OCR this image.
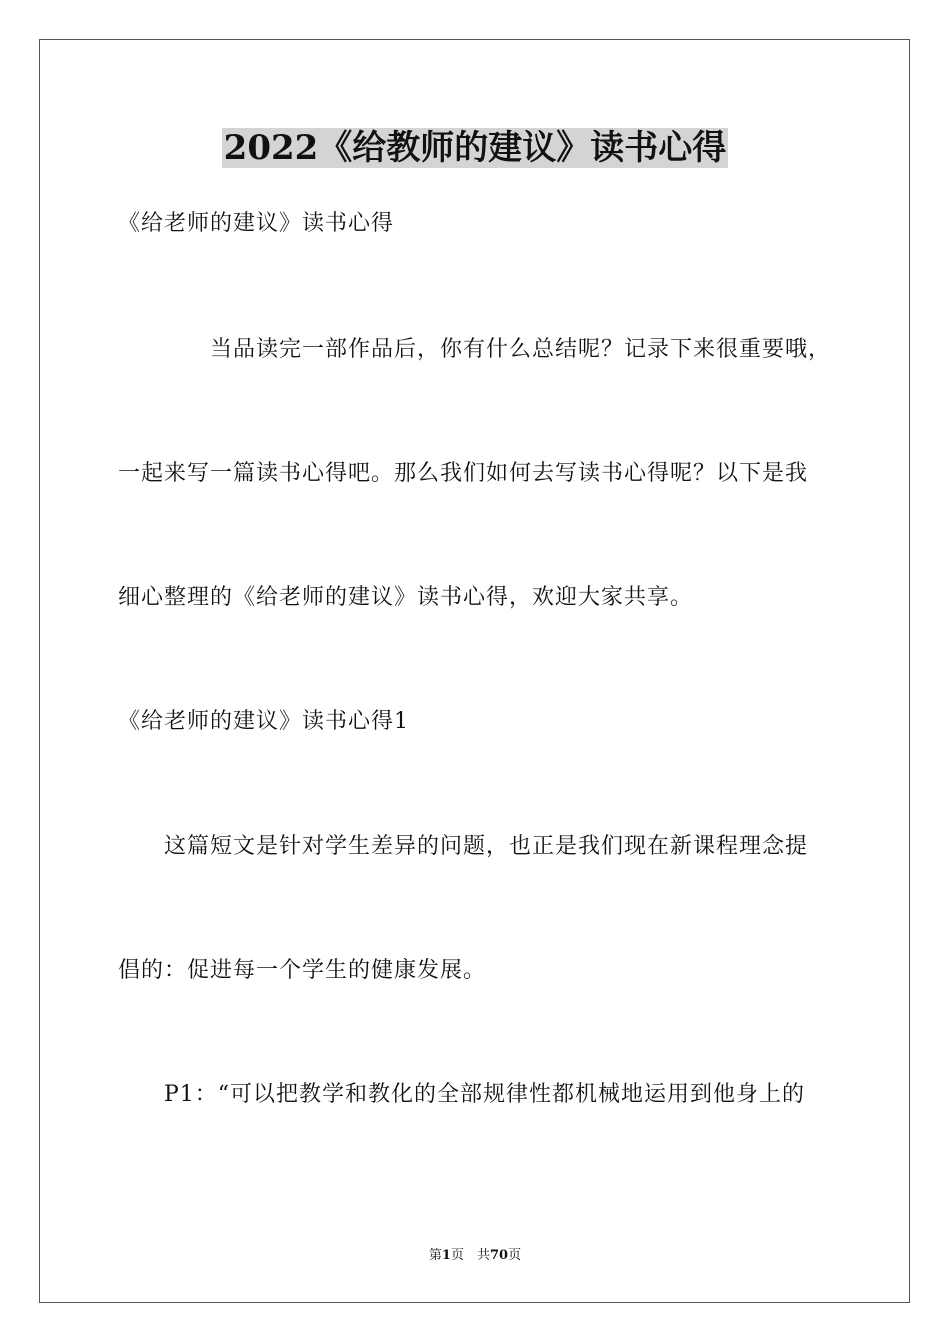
2022《给教师的建议》读书心得
《给老师的建议》读书心得
　　　　当品读完一部作品后，你有什么总结呢？记录下来很重要哦，
一起来写一篇读书心得吧。那么我们如何去写读书心得呢？以下是我
细心整理的《给老师的建议》读书心得，欢迎大家共享。
《给老师的建议》读书心得1
　　这篇短文是针对学生差异的问题，也正是我们现在新课程理念提
倡的：促进每一个学生的健康发展。
　　P1：“可以把教学和教化的全部规律性都机械地运用到他身上的
第1页　共70页
